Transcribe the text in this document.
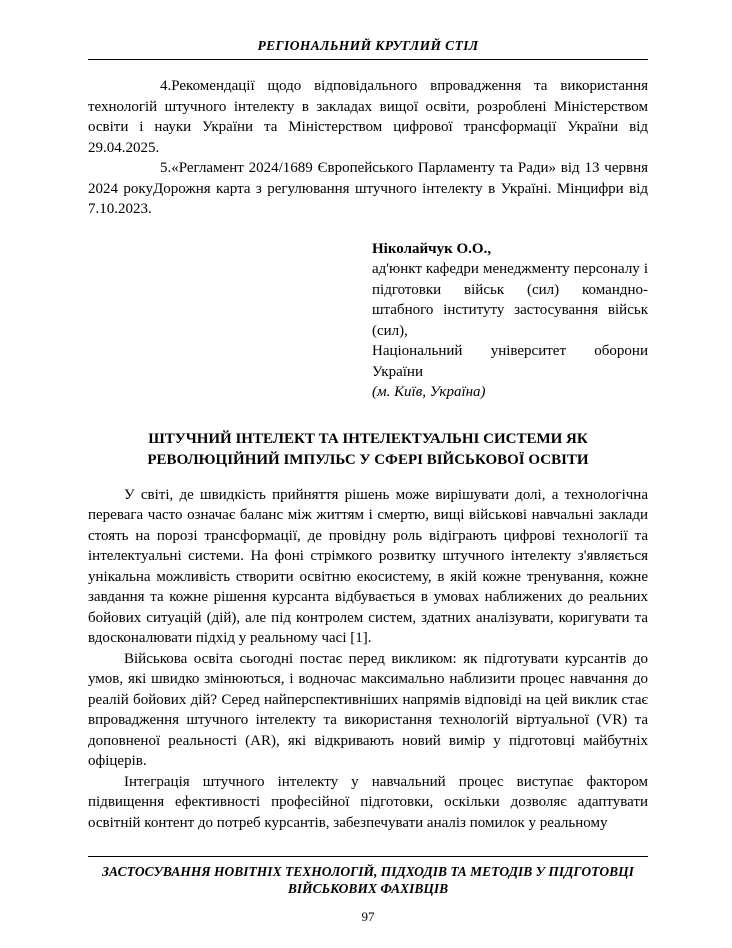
РЕГІОНАЛЬНИЙ КРУГЛИЙ СТІЛ

4.Рекомендації щодо відповідального впровадження та використання технологій штучного інтелекту в закладах вищої освіти, розроблені Міністерством освіти і науки України та Міністерством цифрової трансформації України від 29.04.2025.

5.«Регламент 2024/1689 Європейського Парламенту та Ради» від 13 червня 2024 рокуДорожня карта з регулювання штучного інтелекту в Україні. Мінцифри від 7.10.2023.

Ніколайчук О.О.,
ад'юнкт кафедри менеджменту персоналу і підготовки військ (сил) командно-штабного інституту застосування військ (сил),
Національний університет оборони України
(м. Київ, Україна)
ШТУЧНИЙ ІНТЕЛЕКТ ТА ІНТЕЛЕКТУАЛЬНІ СИСТЕМИ ЯК РЕВОЛЮЦІЙНИЙ ІМПУЛЬС У СФЕРІ ВІЙСЬКОВОЇ ОСВІТИ

У світі, де швидкість прийняття рішень може вирішувати долі, а технологічна перевага часто означає баланс між життям і смертю, вищі військові навчальні заклади стоять на порозі трансформації, де провідну роль відіграють цифрові технології та інтелектуальні системи. На фоні стрімкого розвитку штучного інтелекту з'являється унікальна можливість створити освітню екосистему, в якій кожне тренування, кожне завдання та кожне рішення курсанта відбувається в умовах наближених до реальних бойових ситуацій (дій), але під контролем систем, здатних аналізувати, коригувати та вдосконалювати підхід у реальному часі [1].

Військова освіта сьогодні постає перед викликом: як підготувати курсантів до умов, які швидко змінюються, і водночас максимально наблизити процес навчання до реалій бойових дій? Серед найперспективніших напрямів відповіді на цей виклик стає впровадження штучного інтелекту та використання технологій віртуальної (VR) та доповненої реальності (AR), які відкривають новий вимір у підготовці майбутніх офіцерів.

Інтеграція штучного інтелекту у навчальний процес виступає фактором підвищення ефективності професійної підготовки, оскільки дозволяє адаптувати освітній контент до потреб курсантів, забезпечувати аналіз помилок у реальному

ЗАСТОСУВАННЯ НОВІТНІХ ТЕХНОЛОГІЙ, ПІДХОДІВ ТА МЕТОДІВ У ПІДГОТОВЦІ ВІЙСЬКОВИХ ФАХІВЦІВ
97
